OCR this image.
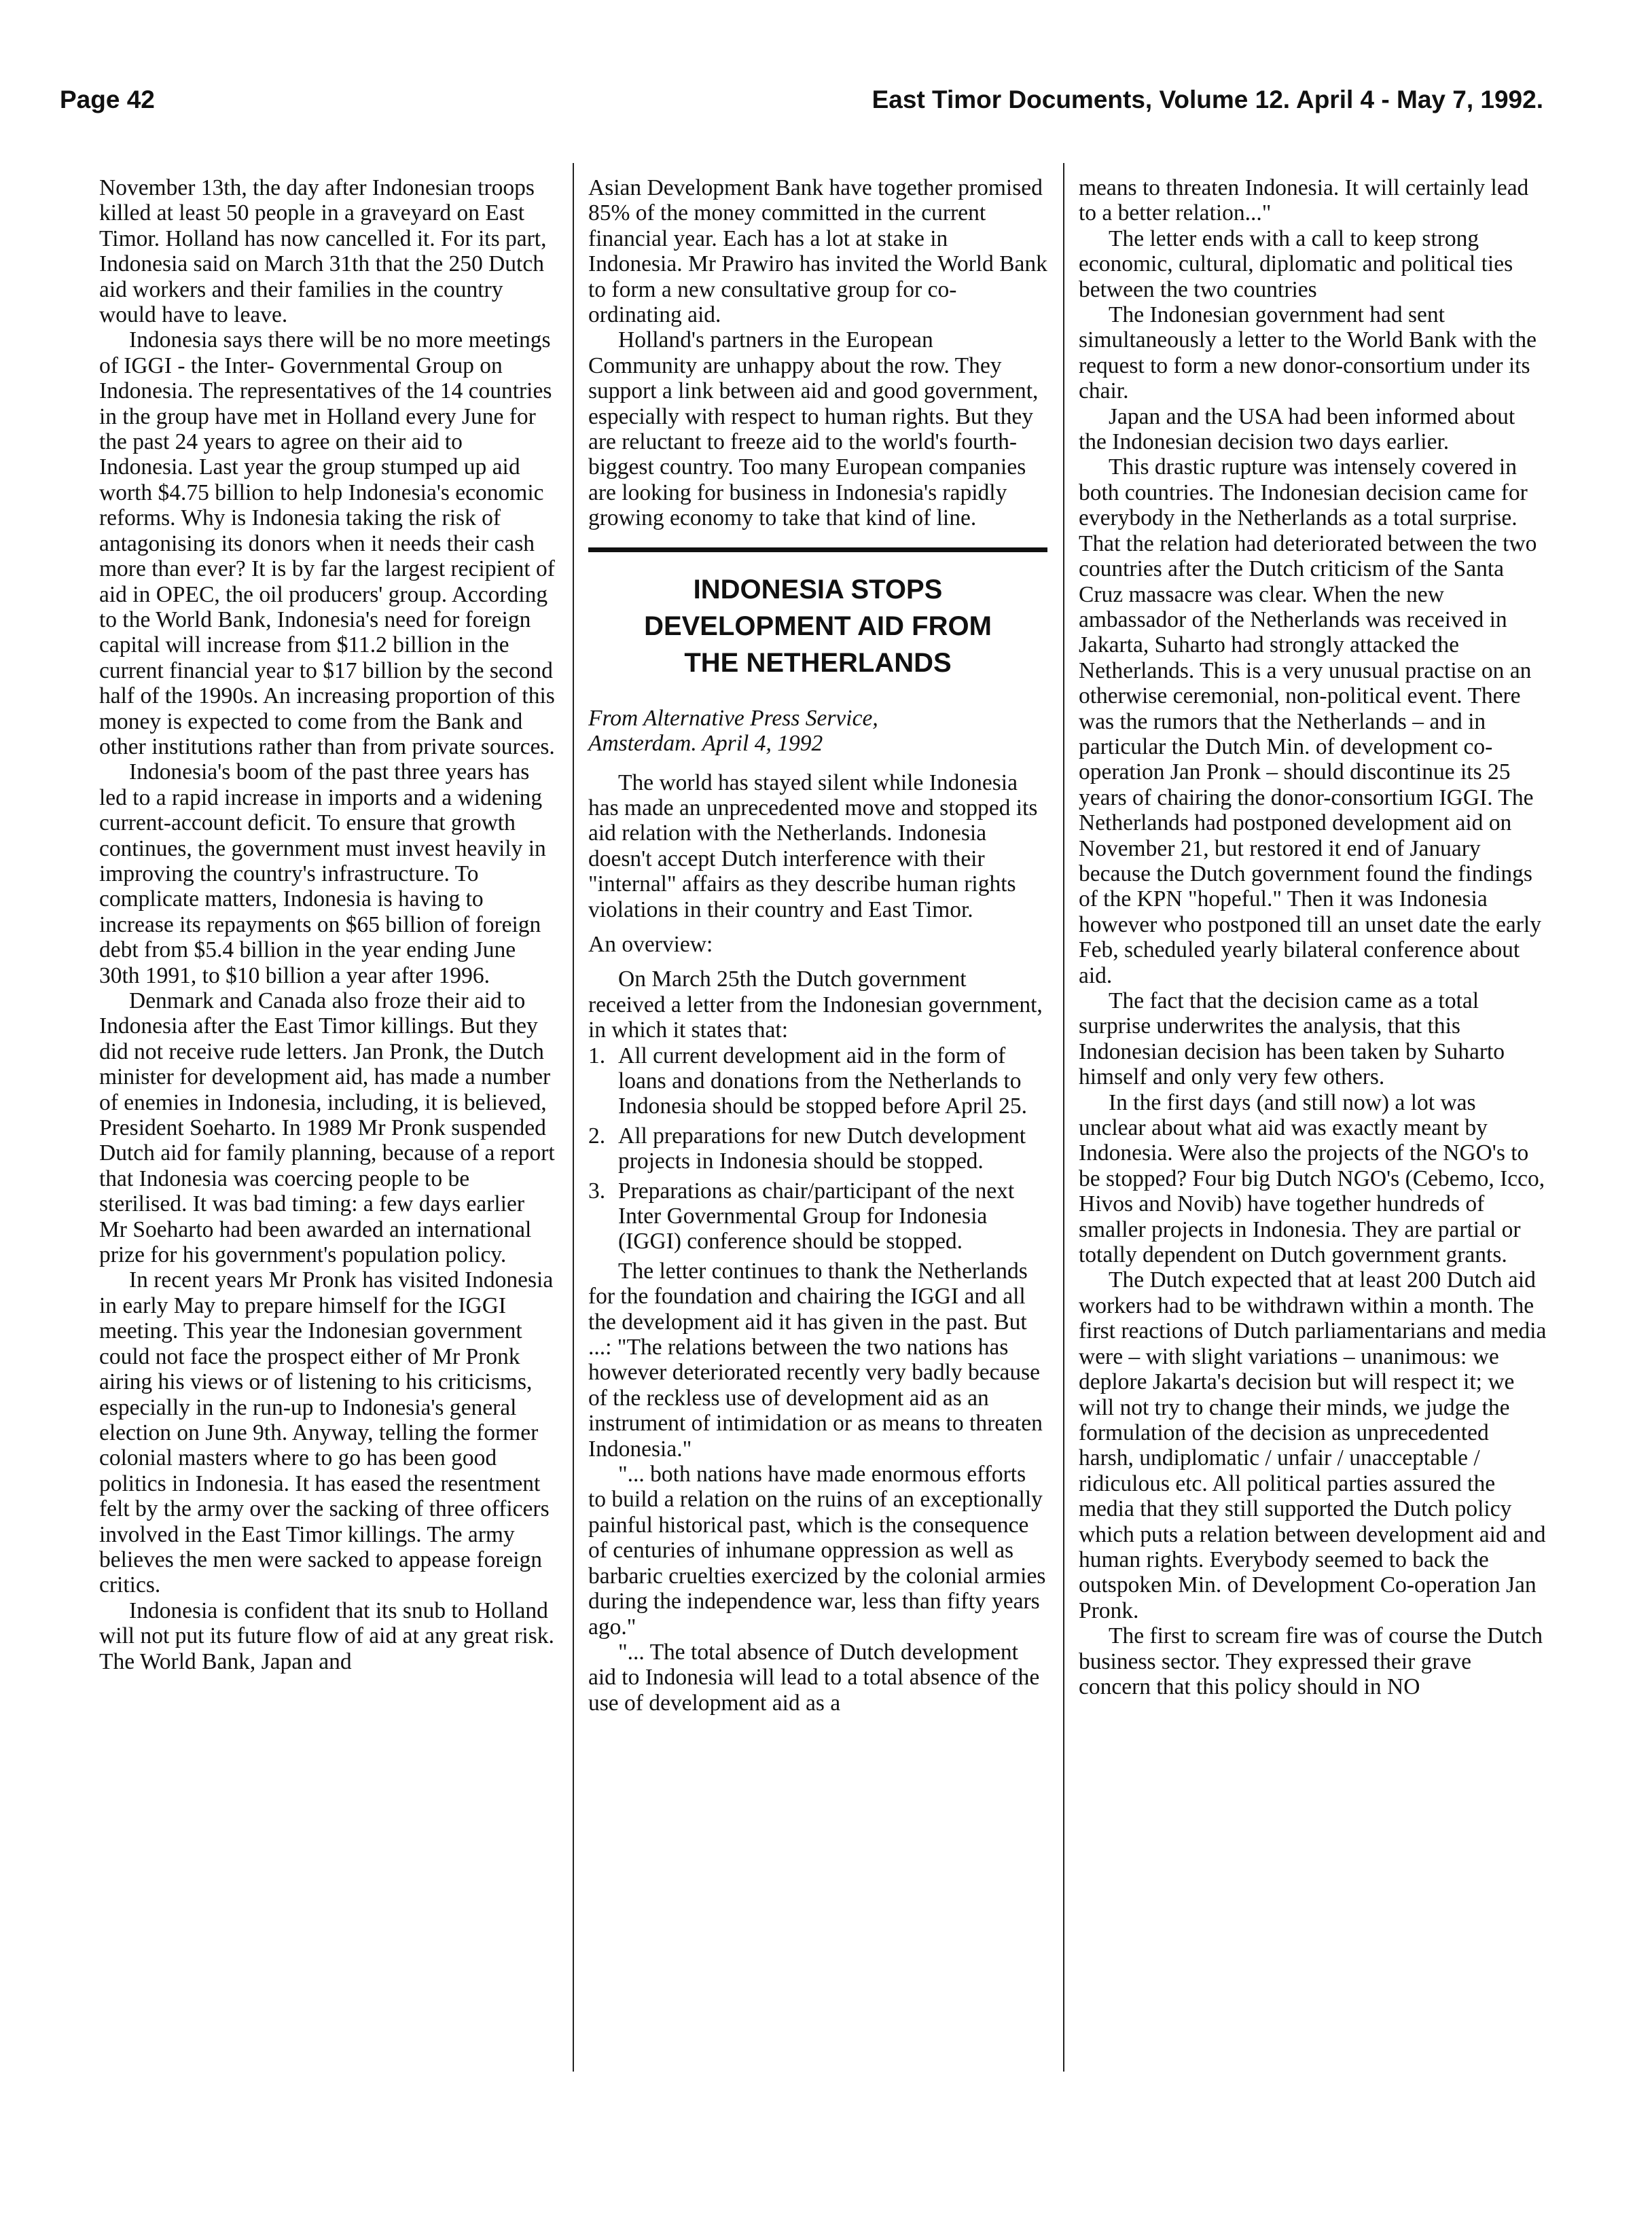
Page 42	East Timor Documents, Volume 12. April 4 - May 7, 1992.

November 13th, the day after Indonesian troops killed at least 50 people in a graveyard on East Timor. Holland has now cancelled it. For its part, Indonesia said on March 31th that the 250 Dutch aid workers and their families in the country would have to leave.

Indonesia says there will be no more meetings of IGGI - the Inter- Governmental Group on Indonesia. The representatives of the 14 countries in the group have met in Holland every June for the past 24 years to agree on their aid to Indonesia. Last year the group stumped up aid worth $4.75 billion to help Indonesia's economic reforms. Why is Indonesia taking the risk of antagonising its donors when it needs their cash more than ever? It is by far the largest recipient of aid in OPEC, the oil producers' group. According to the World Bank, Indonesia's need for foreign capital will increase from $11.2 billion in the current financial year to $17 billion by the second half of the 1990s. An increasing proportion of this money is expected to come from the Bank and other institutions rather than from private sources.

Indonesia's boom of the past three years has led to a rapid increase in imports and a widening current-account deficit. To ensure that growth continues, the government must invest heavily in improving the country's infrastructure. To complicate matters, Indonesia is having to increase its repayments on $65 billion of foreign debt from $5.4 billion in the year ending June 30th 1991, to $10 billion a year after 1996.

Denmark and Canada also froze their aid to Indonesia after the East Timor killings. But they did not receive rude letters. Jan Pronk, the Dutch minister for development aid, has made a number of enemies in Indonesia, including, it is believed, President Soeharto. In 1989 Mr Pronk suspended Dutch aid for family planning, because of a report that Indonesia was coercing people to be sterilised. It was bad timing: a few days earlier Mr Soeharto had been awarded an international prize for his government's population policy.

In recent years Mr Pronk has visited Indonesia in early May to prepare himself for the IGGI meeting. This year the Indonesian government could not face the prospect either of Mr Pronk airing his views or of listening to his criticisms, especially in the run-up to Indonesia's general election on June 9th. Anyway, telling the former colonial masters where to go has been good politics in Indonesia. It has eased the resentment felt by the army over the sacking of three officers involved in the East Timor killings. The army believes the men were sacked to appease foreign critics.

Indonesia is confident that its snub to Holland will not put its future flow of aid at any great risk. The World Bank, Japan and

Asian Development Bank have together promised 85% of the money committed in the current financial year. Each has a lot at stake in Indonesia. Mr Prawiro has invited the World Bank to form a new consultative group for co-ordinating aid.

Holland's partners in the European Community are unhappy about the row. They support a link between aid and good government, especially with respect to human rights. But they are reluctant to freeze aid to the world's fourth-biggest country. Too many European companies are looking for business in Indonesia's rapidly growing economy to take that kind of line.

INDONESIA STOPS
DEVELOPMENT AID FROM
THE NETHERLANDS
From Alternative Press Service,
Amsterdam. April 4, 1992

The world has stayed silent while Indonesia has made an unprecedented move and stopped its aid relation with the Netherlands. Indonesia doesn't accept Dutch interference with their "internal" affairs as they describe human rights violations in their country and East Timor.

An overview:

On March 25th the Dutch government received a letter from the Indonesian government, in which it states that:

1. All current development aid in the form of loans and donations from the Netherlands to Indonesia should be stopped before April 25.
2. All preparations for new Dutch development projects in Indonesia should be stopped.
3. Preparations as chair/participant of the next Inter Governmental Group for Indonesia (IGGI) conference should be stopped.

The letter continues to thank the Netherlands for the foundation and chairing the IGGI and all the development aid it has given in the past. But ...: "The relations between the two nations has however deteriorated recently very badly because of the reckless use of development aid as an instrument of intimidation or as means to threaten Indonesia."

"... both nations have made enormous efforts to build a relation on the ruins of an exceptionally painful historical past, which is the consequence of centuries of inhumane oppression as well as barbaric cruelties exercized by the colonial armies during the independence war, less than fifty years ago."

"... The total absence of Dutch development aid to Indonesia will lead to a total absence of the use of development aid as a

means to threaten Indonesia. It will certainly lead to a better relation..."

The letter ends with a call to keep strong economic, cultural, diplomatic and political ties between the two countries

The Indonesian government had sent simultaneously a letter to the World Bank with the request to form a new donor-consortium under its chair.

Japan and the USA had been informed about the Indonesian decision two days earlier.

This drastic rupture was intensely covered in both countries. The Indonesian decision came for everybody in the Netherlands as a total surprise. That the relation had deteriorated between the two countries after the Dutch criticism of the Santa Cruz massacre was clear. When the new ambassador of the Netherlands was received in Jakarta, Suharto had strongly attacked the Netherlands. This is a very unusual practise on an otherwise ceremonial, non-political event. There was the rumors that the Netherlands – and in particular the Dutch Min. of development co-operation Jan Pronk – should discontinue its 25 years of chairing the donor-consortium IGGI. The Netherlands had postponed development aid on November 21, but restored it end of January because the Dutch government found the findings of the KPN "hopeful." Then it was Indonesia however who postponed till an unset date the early Feb, scheduled yearly bilateral conference about aid.

The fact that the decision came as a total surprise underwrites the analysis, that this Indonesian decision has been taken by Suharto himself and only very few others.

In the first days (and still now) a lot was unclear about what aid was exactly meant by Indonesia. Were also the projects of the NGO's to be stopped? Four big Dutch NGO's (Cebemo, Icco, Hivos and Novib) have together hundreds of smaller projects in Indonesia. They are partial or totally dependent on Dutch government grants.

The Dutch expected that at least 200 Dutch aid workers had to be withdrawn within a month. The first reactions of Dutch parliamentarians and media were – with slight variations – unanimous: we deplore Jakarta's decision but will respect it; we will not try to change their minds, we judge the formulation of the decision as unprecedented harsh, undiplomatic / unfair / unacceptable / ridiculous etc. All political parties assured the media that they still supported the Dutch policy which puts a relation between development aid and human rights. Everybody seemed to back the outspoken Min. of Development Co-operation Jan Pronk.

The first to scream fire was of course the Dutch business sector. They expressed their grave concern that this policy should in NO
